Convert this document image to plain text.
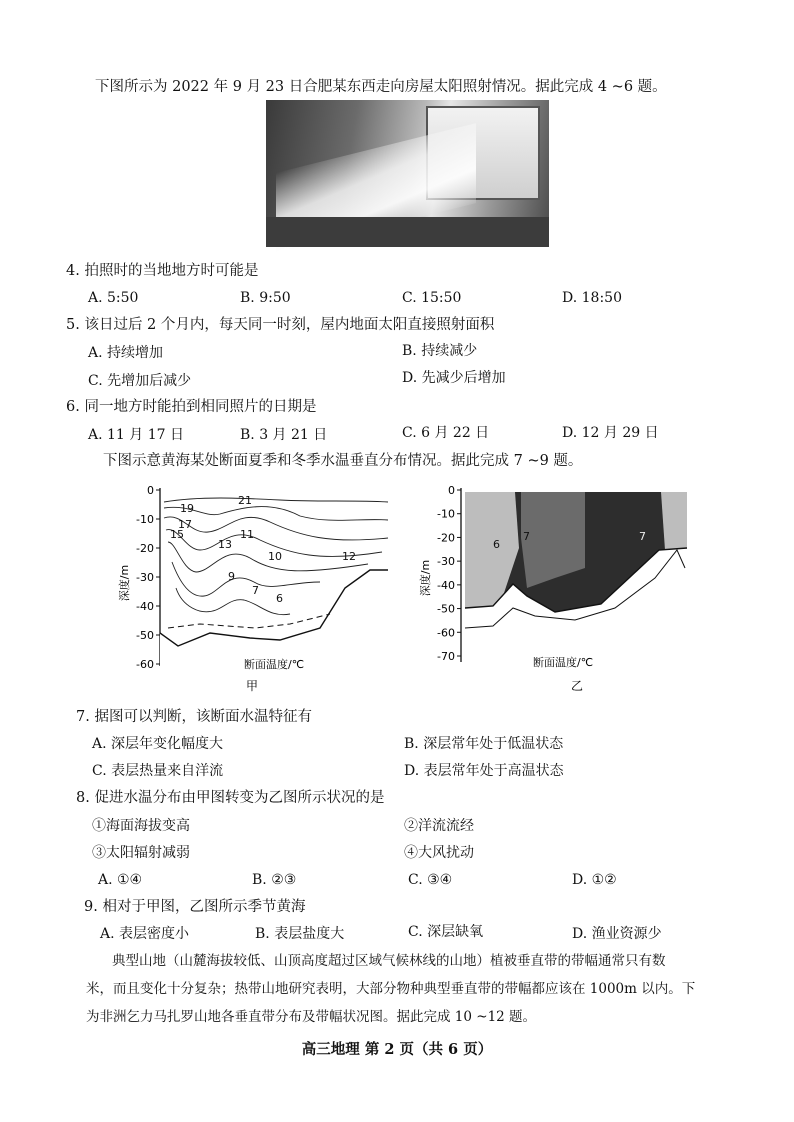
下图所示为 2022 年 9 月 23 日合肥某东西走向房屋太阳照射情况。据此完成 4 ~6 题。
4. 拍照时的当地地方时可能是
A. 5:50	B. 9:50	C. 15:50	D. 18:50
5. 该日过后 2 个月内，每天同一时刻，屋内地面太阳直接照射面积
A. 持续增加	B. 持续减少
C. 先增加后减少	D. 先减少后增加
6. 同一地方时能拍到相同照片的日期是
A. 11 月 17 日	B. 3 月 21 日	C. 6 月 22 日	D. 12 月 29 日
下图示意黄海某处断面夏季和冬季水温垂直分布情况。据此完成 7 ~9 题。
0
-10
-20
-30
-40
-50
-60
深度/m
21
19
17
15
13
11
10
9
7
6
12
断面温度/℃
甲
0
-10
-20
-30
-40
-50
-60
-70
深度/m
6
7	7
断面温度/℃
乙
7. 据图可以判断，该断面水温特征有
A. 深层年变化幅度大	B. 深层常年处于低温状态
C. 表层热量来自洋流	D. 表层常年处于高温状态
8. 促进水温分布由甲图转变为乙图所示状况的是
①海面海拔变高	②洋流流经
③太阳辐射减弱	④大风扰动
A. ①④	B. ②③	C. ③④	D. ①②
9. 相对于甲图，乙图所示季节黄海
A. 表层密度小	B. 表层盐度大	C. 深层缺氧	D. 渔业资源少
典型山地（山麓海拔较低、山顶高度超过区域气候林线的山地）植被垂直带的带幅通常只有数
米，而且变化十分复杂；热带山地研究表明，大部分物种典型垂直带的带幅都应该在 1000m 以内。下
为非洲乞力马扎罗山地各垂直带分布及带幅状况图。据此完成 10 ~12 题。
高三地理 第 2 页（共 6 页）
